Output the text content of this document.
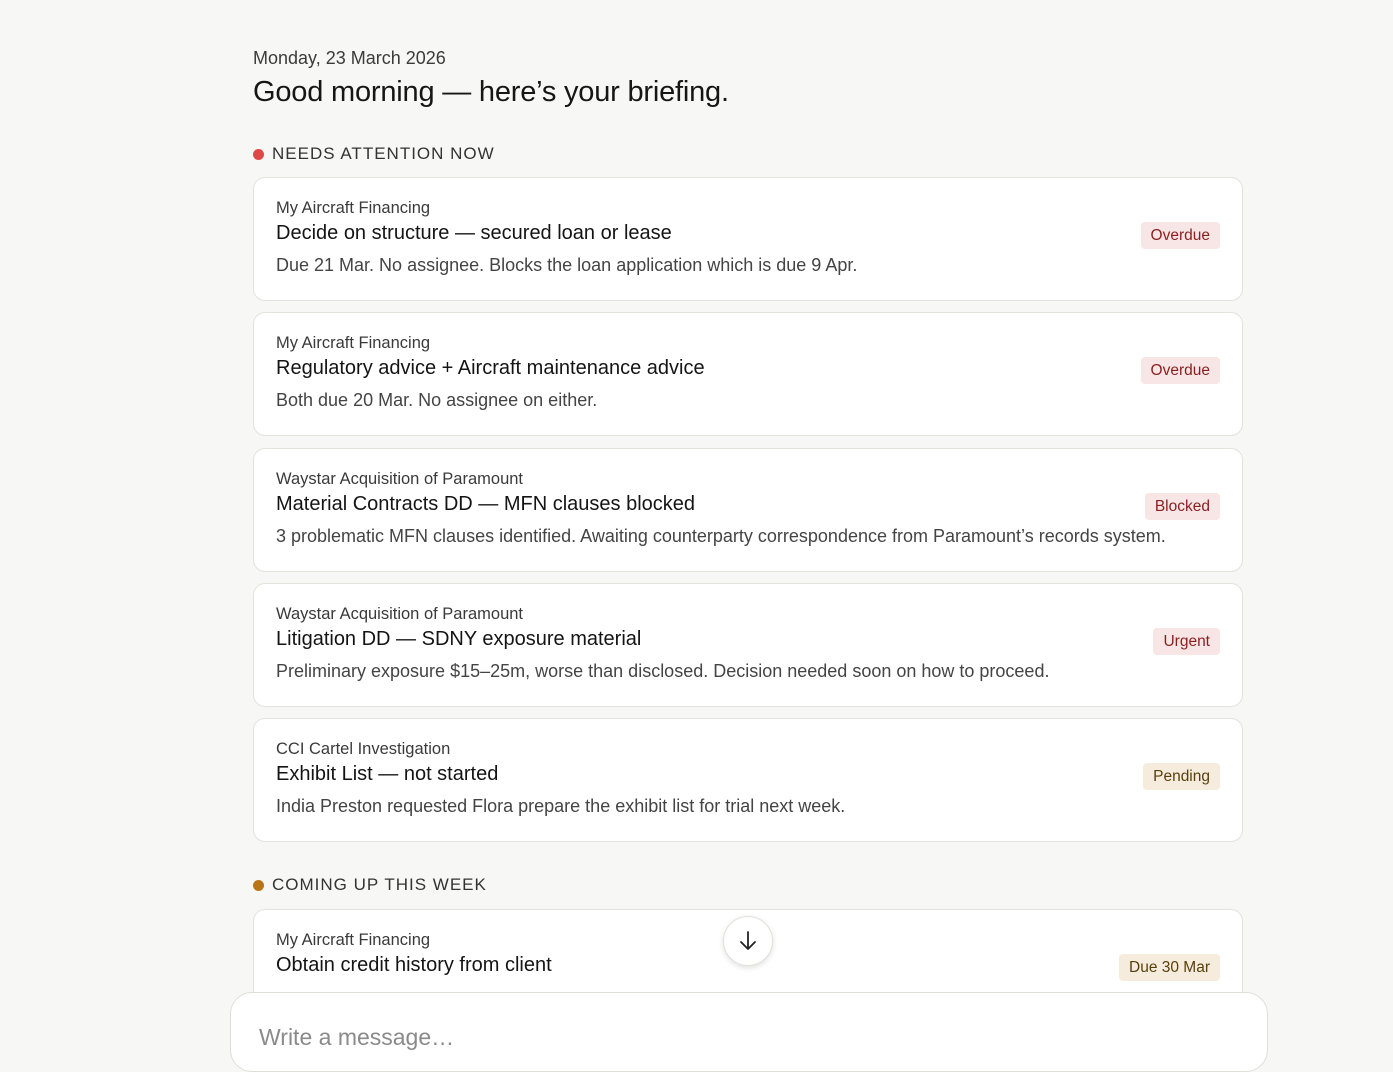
Monday, 23 March 2026
Good morning — here’s your briefing.
NEEDS ATTENTION NOW
My Aircraft Financing
Decide on structure — secured loan or lease	Overdue
Due 21 Mar. No assignee. Blocks the loan application which is due 9 Apr.
My Aircraft Financing
Regulatory advice + Aircraft maintenance advice	Overdue
Both due 20 Mar. No assignee on either.
Waystar Acquisition of Paramount
Material Contracts DD — MFN clauses blocked	Blocked
3 problematic MFN clauses identified. Awaiting counterparty correspondence from Paramount’s records system.
Waystar Acquisition of Paramount
Litigation DD — SDNY exposure material	Urgent
Preliminary exposure $15–25m, worse than disclosed. Decision needed soon on how to proceed.
CCI Cartel Investigation
Exhibit List — not started	Pending
India Preston requested Flora prepare the exhibit list for trial next week.
COMING UP THIS WEEK
My Aircraft Financing
Obtain credit history from client	Due 30 Mar
Write a message…
